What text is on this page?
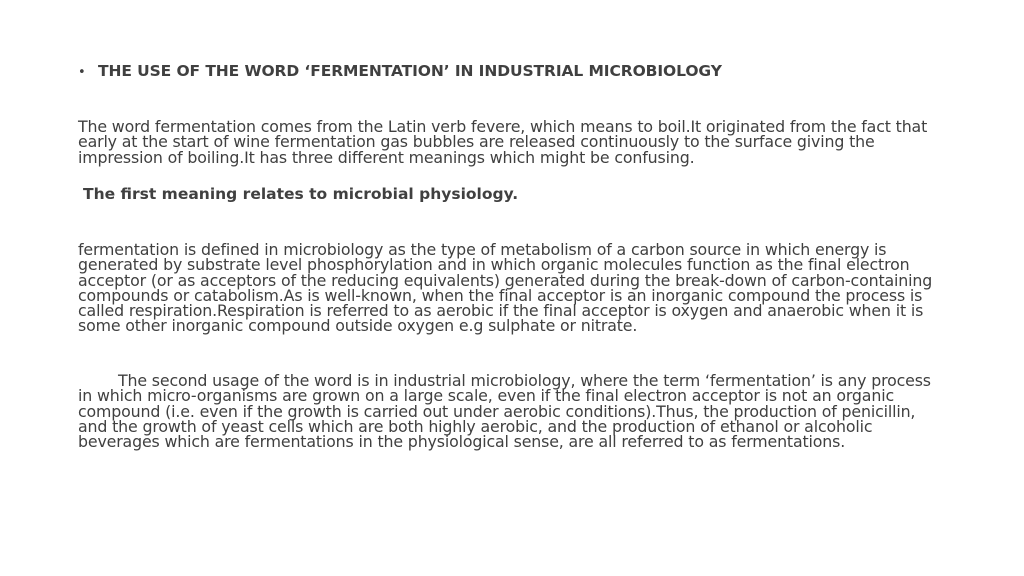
• THE USE OF THE WORD ‘FERMENTATION’ IN INDUSTRIAL MICROBIOLOGY

The word fermentation comes from the Latin verb fevere, which means to boil.It originated from the fact that early at the start of wine fermentation gas bubbles are released continuously to the surface giving the impression of boiling.It has three different meanings which might be confusing.

The first meaning relates to microbial physiology.

fermentation is defined in microbiology as the type of metabolism of a carbon source in which energy is generated by substrate level phosphorylation and in which organic molecules function as the final electron acceptor (or as acceptors of the reducing equivalents) generated during the break-down of carbon-containing compounds or catabolism.As is well-known, when the final acceptor is an inorganic compound the process is called respiration.Respiration is referred to as aerobic if the final acceptor is oxygen and anaerobic when it is some other inorganic compound outside oxygen e.g sulphate or nitrate.

The second usage of the word is in industrial microbiology, where the term ‘fermentation’ is any process in which micro-organisms are grown on a large scale, even if the final electron acceptor is not an organic compound (i.e. even if the growth is carried out under aerobic conditions).Thus, the production of penicillin, and the growth of yeast cells which are both highly aerobic, and the production of ethanol or alcoholic beverages which are fermentations in the physiological sense, are all referred to as fermentations.
